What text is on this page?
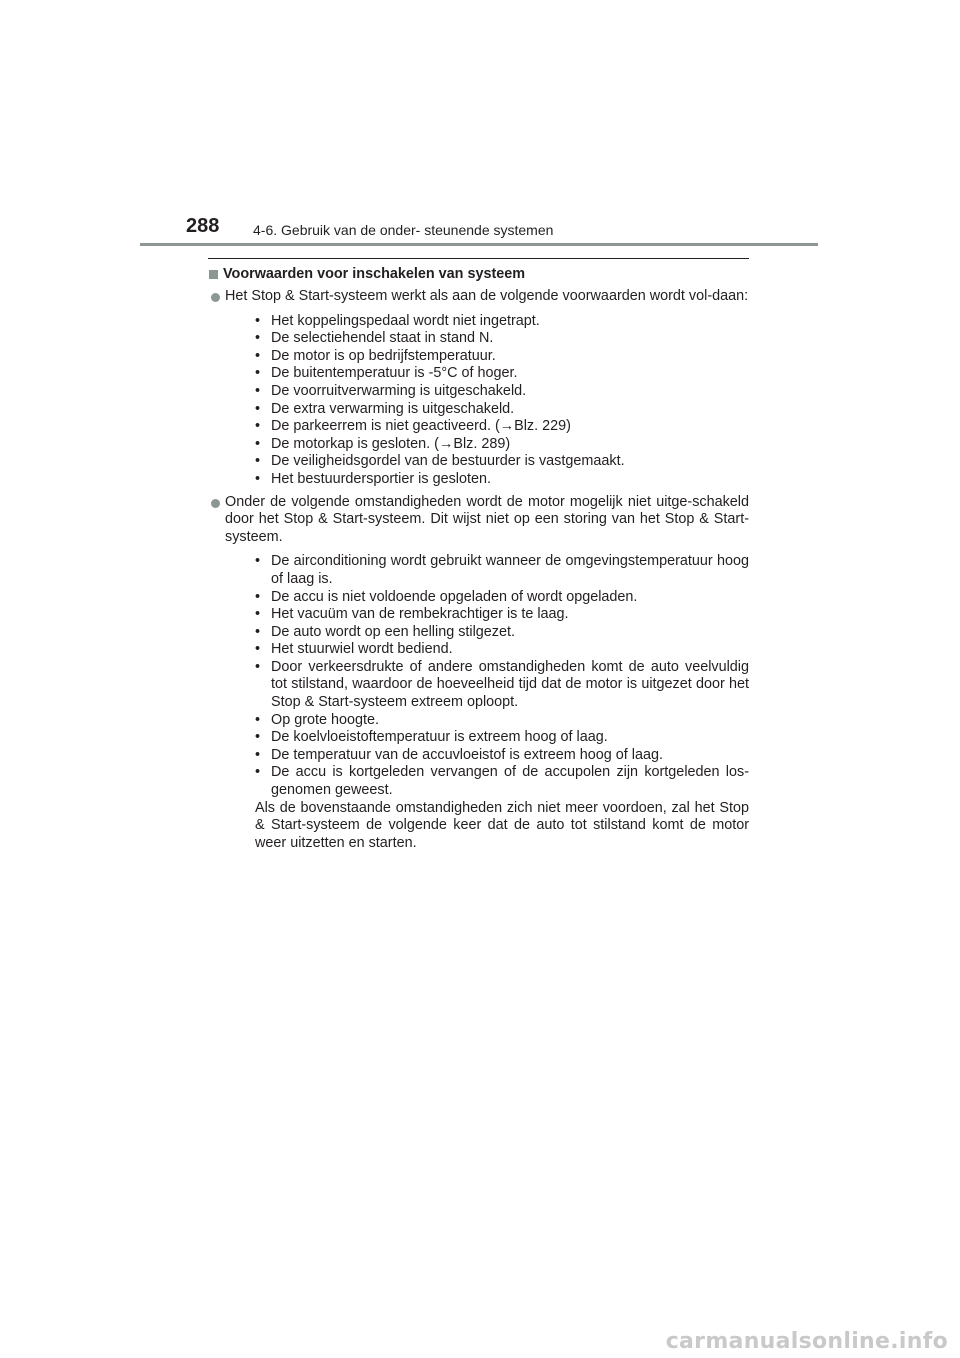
288 4-6. Gebruik van de onder- steunende systemen
Voorwaarden voor inschakelen van systeem
Het Stop & Start-systeem werkt als aan de volgende voorwaarden wordt vol-daan:
• Het koppelingspedaal wordt niet ingetrapt.
• De selectiehendel staat in stand N.
• De motor is op bedrijfstemperatuur.
• De buitentemperatuur is -5°C of hoger.
• De voorruitverwarming is uitgeschakeld.
• De extra verwarming is uitgeschakeld.
• De parkeerrem is niet geactiveerd. (→Blz. 229)
• De motorkap is gesloten. (→Blz. 289)
• De veiligheidsgordel van de bestuurder is vastgemaakt.
• Het bestuurdersportier is gesloten.
Onder de volgende omstandigheden wordt de motor mogelijk niet uitge-schakeld door het Stop & Start-systeem. Dit wijst niet op een storing van het Stop & Start-systeem.
• De airconditioning wordt gebruikt wanneer de omgevingstemperatuur hoog of laag is.
• De accu is niet voldoende opgeladen of wordt opgeladen.
• Het vacuüm van de rembekrachtiger is te laag.
• De auto wordt op een helling stilgezet.
• Het stuurwiel wordt bediend.
• Door verkeersdrukte of andere omstandigheden komt de auto veelvuldig tot stilstand, waardoor de hoeveelheid tijd dat de motor is uitgezet door het Stop & Start-systeem extreem oploopt.
• Op grote hoogte.
• De koelvloeistoftemperatuur is extreem hoog of laag.
• De temperatuur van de accuvloeistof is extreem hoog of laag.
• De accu is kortgeleden vervangen of de accupolen zijn kortgeleden los-genomen geweest.
Als de bovenstaande omstandigheden zich niet meer voordoen, zal het Stop & Start-systeem de volgende keer dat de auto tot stilstand komt de motor weer uitzetten en starten.
carmanualsonline.info
